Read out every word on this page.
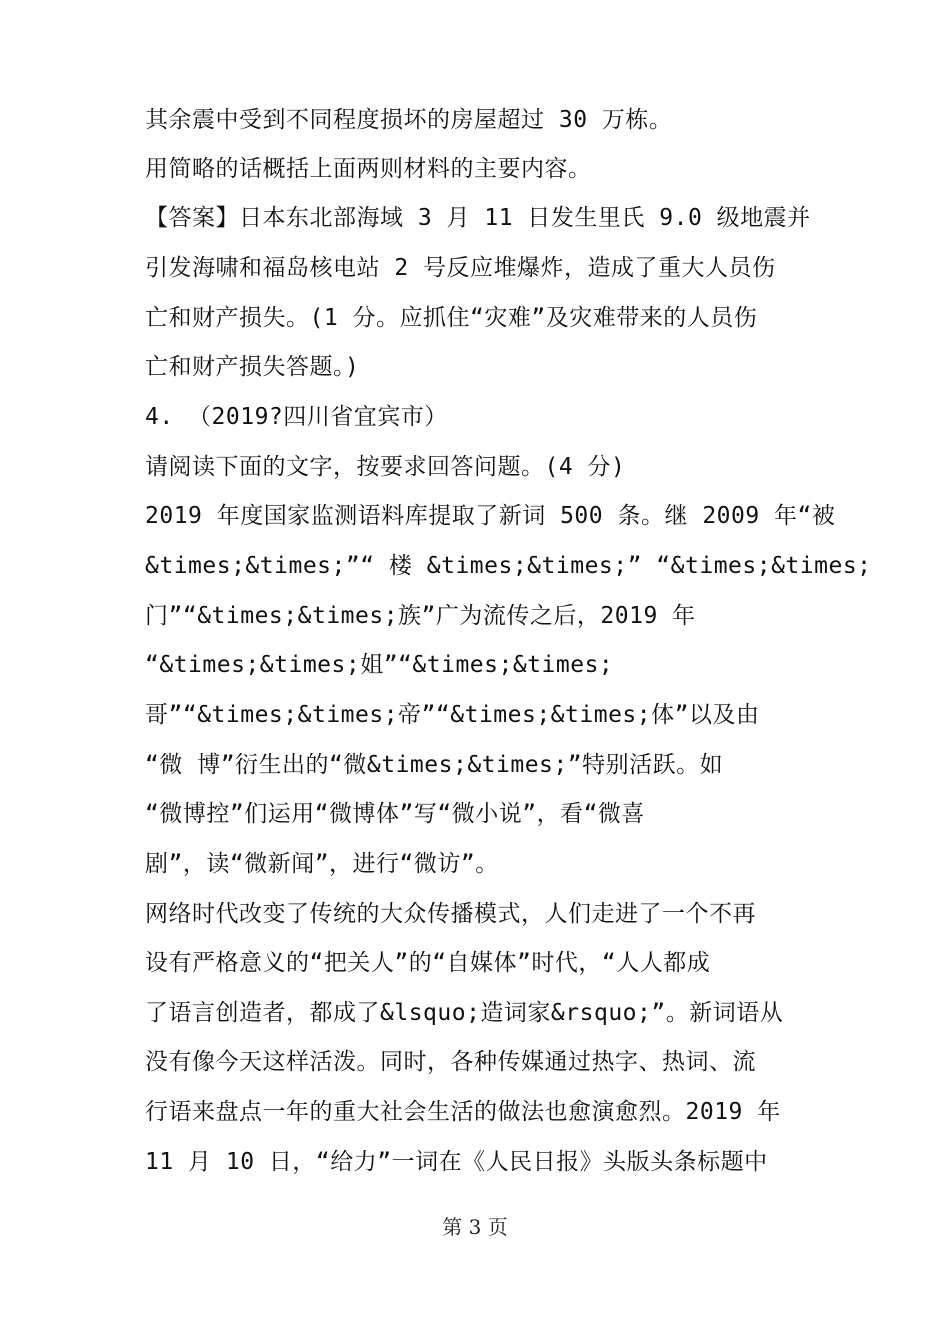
其余震中受到不同程度损坏的房屋超过 30 万栋。
用简略的话概括上面两则材料的主要内容。
【答案】日本东北部海域 3 月 11 日发生里氏 9.0 级地震并
引发海啸和福岛核电站 2 号反应堆爆炸，造成了重大人员伤
亡和财产损失。(1 分。应抓住“灾难”及灾难带来的人员伤
亡和财产损失答题。)
4. （2019?四川省宜宾市）
请阅读下面的文字，按要求回答问题。(4 分)
2019 年度国家监测语料库提取了新词 500 条。继 2009 年“被
&times;&times;”“ 楼 &times;&times;” “&times;&times;
门”“&times;&times;族”广为流传之后，2019 年
“&times;&times;姐”“&times;&times;
哥”“&times;&times;帝”“&times;&times;体”以及由
“微 博”衍生出的“微&times;&times;”特别活跃。如
“微博控”们运用“微博体”写“微小说”，看“微喜
剧”，读“微新闻”，进行“微访”。
网络时代改变了传统的大众传播模式，人们走进了一个不再
设有严格意义的“把关人”的“自媒体”时代，“人人都成
了语言创造者，都成了&lsquo;造词家&rsquo;”。新词语从
没有像今天这样活泼。同时，各种传媒通过热字、热词、流
行语来盘点一年的重大社会生活的做法也愈演愈烈。2019 年
11 月 10 日，“给力”一词在《人民日报》头版头条标题中
第 3 页
